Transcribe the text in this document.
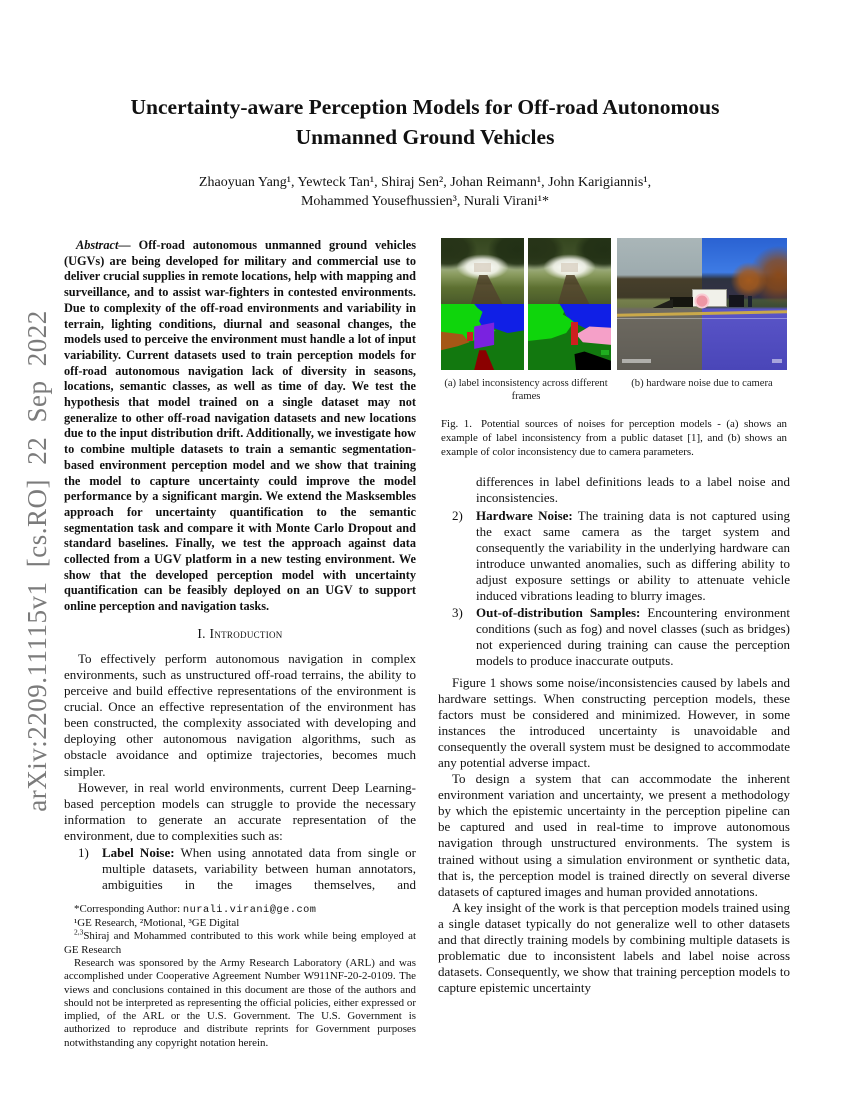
arXiv:2209.11115v1 [cs.RO] 22 Sep 2022
Uncertainty-aware Perception Models for Off-road Autonomous Unmanned Ground Vehicles
Zhaoyuan Yang¹, Yewteck Tan¹, Shiraj Sen², Johan Reimann¹, John Karigiannis¹,
Mohammed Yousefhussien³, Nurali Virani¹*
Abstract— Off-road autonomous unmanned ground vehicles (UGVs) are being developed for military and commercial use to deliver crucial supplies in remote locations, help with mapping and surveillance, and to assist war-fighters in contested environments. Due to complexity of the off-road environments and variability in terrain, lighting conditions, diurnal and seasonal changes, the models used to perceive the environment must handle a lot of input variability. Current datasets used to train perception models for off-road autonomous navigation lack of diversity in seasons, locations, semantic classes, as well as time of day. We test the hypothesis that model trained on a single dataset may not generalize to other off-road navigation datasets and new locations due to the input distribution drift. Additionally, we investigate how to combine multiple datasets to train a semantic segmentation-based environment perception model and we show that training the model to capture uncertainty could improve the model performance by a significant margin. We extend the Masksembles approach for uncertainty quantification to the semantic segmentation task and compare it with Monte Carlo Dropout and standard baselines. Finally, we test the approach against data collected from a UGV platform in a new testing environment. We show that the developed perception model with uncertainty quantification can be feasibly deployed on an UGV to support online perception and navigation tasks.
I. Introduction

To effectively perform autonomous navigation in complex environments, such as unstructured off-road terrains, the ability to perceive and build effective representations of the environment is crucial. Once an effective representation of the environment has been constructed, the complexity associated with developing and deploying other autonomous navigation algorithms, such as obstacle avoidance and optimize trajectories, becomes much simpler.

However, in real world environments, current Deep Learning-based perception models can struggle to provide the necessary information to generate an accurate representation of the environment, due to complexities such as:

1) Label Noise: When using annotated data from single or multiple datasets, variability between human annotators, ambiguities in the images themselves, and

*Corresponding Author: nurali.virani@ge.com

¹GE Research, ²Motional, ³GE Digital

$^{2,3}$Shiraj and Mohammed contributed to this work while being employed at GE Research

Research was sponsored by the Army Research Laboratory (ARL) and was accomplished under Cooperative Agreement Number W911NF-20-2-0109. The views and conclusions contained in this document are those of the authors and should not be interpreted as representing the official policies, either expressed or implied, of the ARL or the U.S. Government. The U.S. Government is authorized to reproduce and distribute reprints for Government purposes notwithstanding any copyright notation herein.

(a) label inconsistency across different frames
(b) hardware noise due to camera
Fig. 1. Potential sources of noises for perception models - (a) shows an example of label inconsistency from a public dataset [1], and (b) shows an example of color inconsistency due to camera parameters.
differences in label definitions leads to a label noise and inconsistencies.
2) Hardware Noise: The training data is not captured using the exact same camera as the target system and consequently the variability in the underlying hardware can introduce unwanted anomalies, such as differing ability to adjust exposure settings or ability to attenuate vehicle induced vibrations leading to blurry images.
3) Out-of-distribution Samples: Encountering environment conditions (such as fog) and novel classes (such as bridges) not experienced during training can cause the perception models to produce inaccurate outputs.

Figure 1 shows some noise/inconsistencies caused by labels and hardware settings. When constructing perception models, these factors must be considered and minimized. However, in some instances the introduced uncertainty is unavoidable and consequently the overall system must be designed to accommodate any potential adverse impact.

To design a system that can accommodate the inherent environment variation and uncertainty, we present a methodology by which the epistemic uncertainty in the perception pipeline can be captured and used in real-time to improve autonomous navigation through unstructured environments. The system is trained without using a simulation environment or synthetic data, that is, the perception model is trained directly on several diverse datasets of captured images and human provided annotations.

A key insight of the work is that perception models trained using a single dataset typically do not generalize well to other datasets and that directly training models by combining multiple datasets is problematic due to inconsistent labels and label noise across datasets. Consequently, we show that training perception models to capture epistemic uncertainty
